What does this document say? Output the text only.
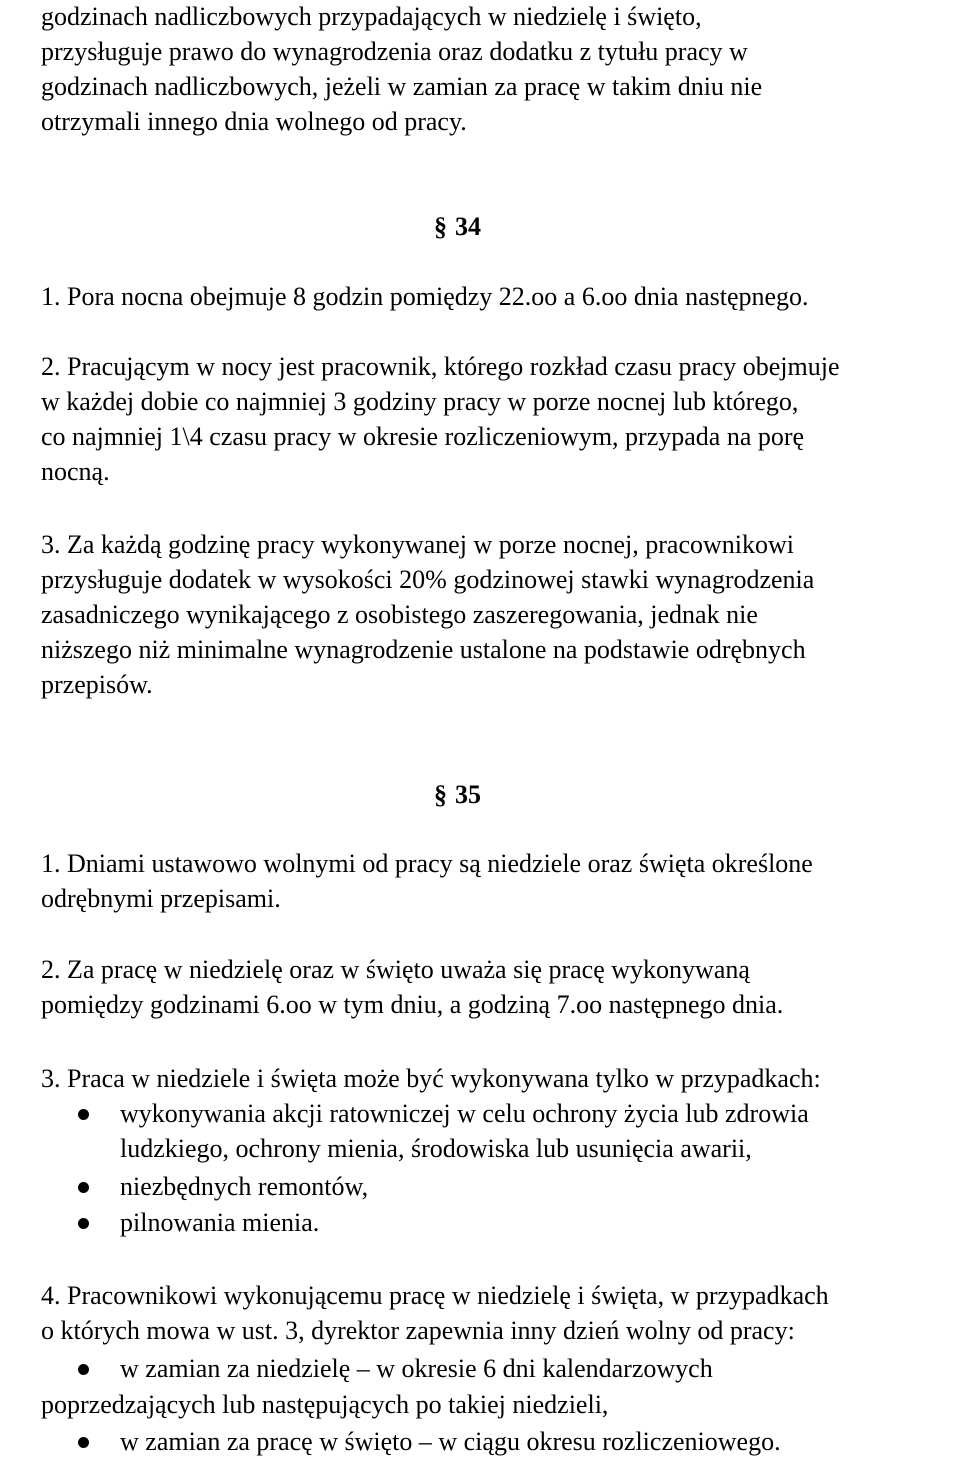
godzinach nadliczbowych przypadających w niedzielę i święto,
przysługuje prawo do wynagrodzenia oraz dodatku z tytułu pracy w
godzinach nadliczbowych, jeżeli w zamian za pracę w takim dniu nie
otrzymali innego dnia wolnego od pracy.
§ 34
1. Pora nocna obejmuje 8 godzin pomiędzy 22.oo a 6.oo dnia następnego.
2. Pracującym w nocy jest pracownik, którego rozkład czasu pracy obejmuje
w każdej dobie co najmniej 3 godziny pracy w porze nocnej lub którego,
co najmniej 1\4 czasu pracy w okresie rozliczeniowym, przypada na porę
nocną.
3. Za każdą godzinę pracy wykonywanej w porze nocnej, pracownikowi
przysługuje dodatek w wysokości 20% godzinowej stawki wynagrodzenia
zasadniczego wynikającego z osobistego zaszeregowania, jednak nie
niższego niż minimalne wynagrodzenie ustalone na podstawie odrębnych
przepisów.
§ 35
1. Dniami ustawowo wolnymi od pracy są niedziele oraz święta określone
odrębnymi przepisami.
2. Za pracę w niedzielę oraz w święto uważa się pracę wykonywaną
pomiędzy godzinami 6.oo w tym dniu, a godziną 7.oo następnego dnia.
3. Praca w niedziele i święta może być wykonywana tylko w przypadkach:
wykonywania akcji ratowniczej w celu ochrony życia lub zdrowia
ludzkiego, ochrony mienia, środowiska lub usunięcia awarii,
niezbędnych remontów,
pilnowania mienia.
4. Pracownikowi wykonującemu pracę w niedzielę i święta, w przypadkach
o których mowa w ust. 3, dyrektor zapewnia inny dzień wolny od pracy:
w zamian za niedzielę – w okresie 6 dni kalendarzowych
poprzedzających lub następujących po takiej niedzieli,
w zamian za pracę w święto – w ciągu okresu rozliczeniowego.
